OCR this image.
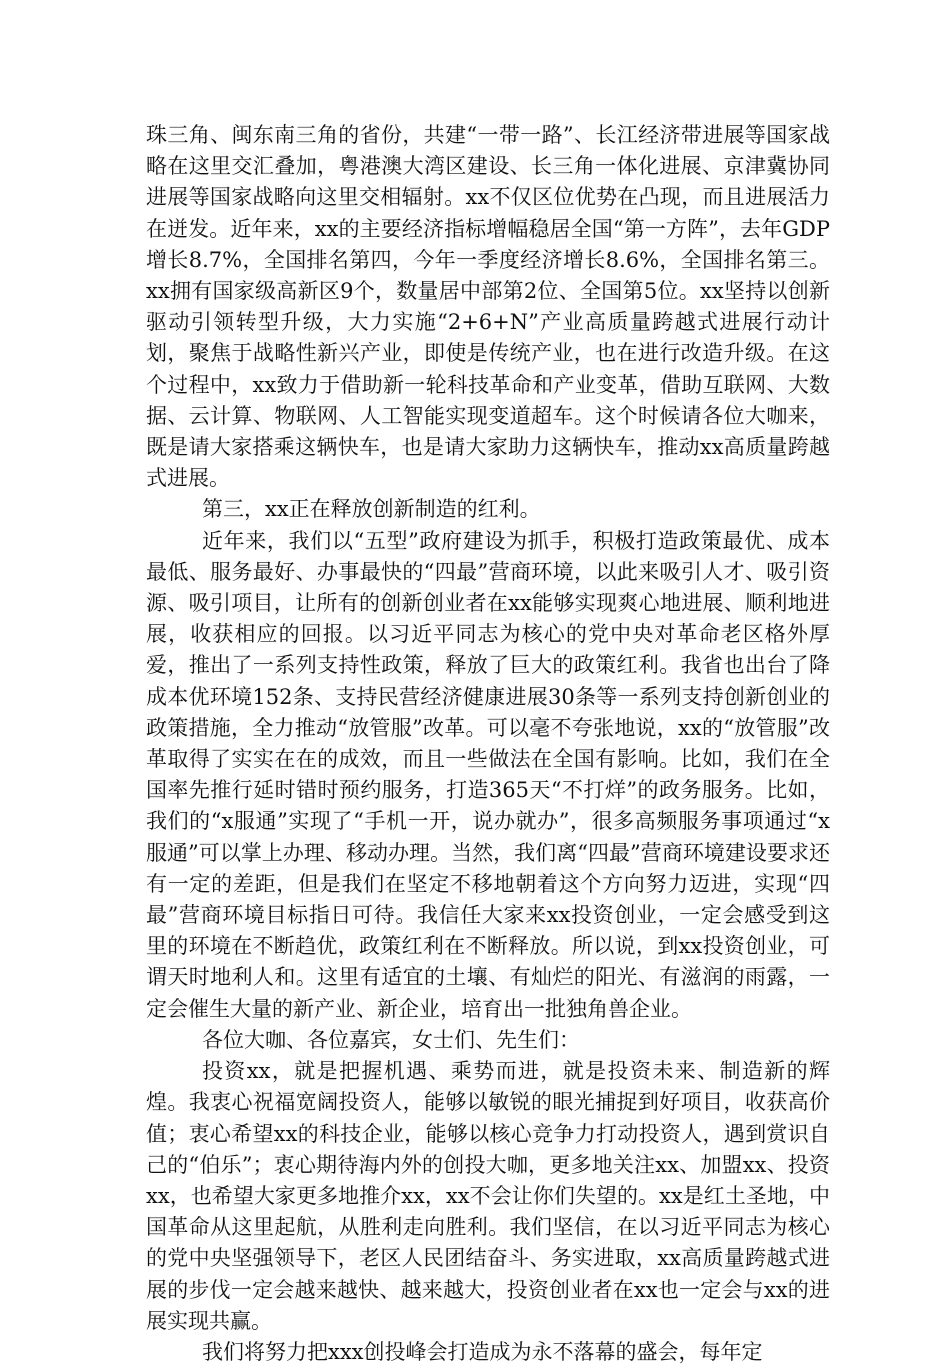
珠三角、闽东南三角的省份，共建“一带一路”、长江经济带进展等国家战略在这里交汇叠加，粤港澳大湾区建设、长三角一体化进展、京津冀协同进展等国家战略向这里交相辐射。xx不仅区位优势在凸现，而且进展活力在迸发。近年来，xx的主要经济指标增幅稳居全国“第一方阵”，去年GDP增长8.7%，全国排名第四，今年一季度经济增长8.6%，全国排名第三。xx拥有国家级高新区9个，数量居中部第2位、全国第5位。xx坚持以创新驱动引领转型升级，大力实施“2+6+N”产业高质量跨越式进展行动计划，聚焦于战略性新兴产业，即使是传统产业，也在进行改造升级。在这个过程中，xx致力于借助新一轮科技革命和产业变革，借助互联网、大数据、云计算、物联网、人工智能实现变道超车。这个时候请各位大咖来，既是请大家搭乘这辆快车，也是请大家助力这辆快车，推动xx高质量跨越式进展。

第三，xx正在释放创新制造的红利。

近年来，我们以“五型”政府建设为抓手，积极打造政策最优、成本最低、服务最好、办事最快的“四最”营商环境，以此来吸引人才、吸引资源、吸引项目，让所有的创新创业者在xx能够实现爽心地进展、顺利地进展，收获相应的回报。以习近平同志为核心的党中央对革命老区格外厚爱，推出了一系列支持性政策，释放了巨大的政策红利。我省也出台了降成本优环境152条、支持民营经济健康进展30条等一系列支持创新创业的政策措施，全力推动“放管服”改革。可以毫不夸张地说，xx的“放管服”改革取得了实实在在的成效，而且一些做法在全国有影响。比如，我们在全国率先推行延时错时预约服务，打造365天“不打烊”的政务服务。比如，我们的“x服通”实现了“手机一开，说办就办”，很多高频服务事项通过“x服通”可以掌上办理、移动办理。当然，我们离“四最”营商环境建设要求还有一定的差距，但是我们在坚定不移地朝着这个方向努力迈进，实现“四最”营商环境目标指日可待。我信任大家来xx投资创业，一定会感受到这里的环境在不断趋优，政策红利在不断释放。所以说，到xx投资创业，可谓天时地利人和。这里有适宜的土壤、有灿烂的阳光、有滋润的雨露，一定会催生大量的新产业、新企业，培育出一批独角兽企业。

各位大咖、各位嘉宾，女士们、先生们：

投资xx，就是把握机遇、乘势而进，就是投资未来、制造新的辉煌。我衷心祝福宽阔投资人，能够以敏锐的眼光捕捉到好项目，收获高价值；衷心希望xx的科技企业，能够以核心竞争力打动投资人，遇到赏识自己的“伯乐”；衷心期待海内外的创投大咖，更多地关注xx、加盟xx、投资xx，也希望大家更多地推介xx，xx不会让你们失望的。xx是红土圣地，中国革命从这里起航，从胜利走向胜利。我们坚信，在以习近平同志为核心的党中央坚强领导下，老区人民团结奋斗、务实进取，xx高质量跨越式进展的步伐一定会越来越快、越来越大，投资创业者在xx也一定会与xx的进展实现共赢。

我们将努力把xxx创投峰会打造成为永不落幕的盛会，每年定
